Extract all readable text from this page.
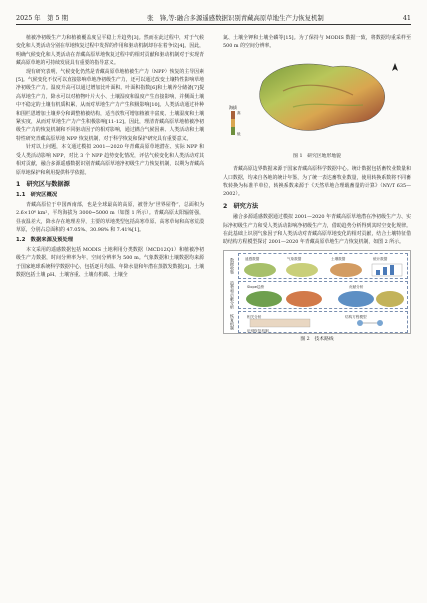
2025 年　第 5 期	张　锋,等:融合多源遥感数据识别青藏高原草地生产力恢复机制	41

植被净初级生产力和植被覆盖度呈平稳上升趋势[3]。然而在此过程中，对于气候变化和人类活动分别在草地恢复过程中发挥的作用和驱动机制却存在着争议[4]。因此，明确气候变化和人类活动在青藏高原草地恢复过程中的相对贡献和驱动机制对于实现青藏高原草地的可持续发展具有重要的指导意义。

现有研究表明，气候变化仍然是青藏高原草地植被生产力（NPP）恢复的主导因素[5]。气候变化不仅可以直接影响草地净初级生产力，还可以通过改变土壤特性影响草地净初级生产力。温度升高可以通过增加比叶面积、叶面积指数[6]和土壤养分储备[7]提高草地生产力，降水可以对植物叶片大小、土壤湿度和温度产生直接影响，并侧面土壤中不稳定的土壤有机质积累，从而对草地生产力产生积极影响[10]。人类活动通过补种和围栏恩增加土壤养分和调整植被结构，适当放牧可增加植被丰富度、土壤湿度和土壤紧实度，从而对草地生产力产生积极影响[11-12]。因此，理清青藏高原草地植被净初级生产力的恢复机制和不同驱动因子的相对影响，通过耦合气候因素、人类活动和土壤特性研究青藏高原草地 NPP 恢复机制，对于科学恢复和保护研究具有重要意义。

针对以上问题，本文通过模拟 2001—2020 年青藏高原草地潜在、实际 NPP 和受人类活动影响 NPP，对比 3 个 NPP 趋势变化情况，评估气候变化和人类活动对其相对贡献，融合多源遥感数据识别青藏高原草地净初级生产力恢复机制，以期为青藏高原草地保护和利用提供科学依据。

1　研究区与数据源
1.1　研究区概况

青藏高原位于中国西南部，也是全球最高的高原，被誉为“世界屋脊”，总面积为 2.6×10⁶ km²，平均海拔为 3000~5000 m（如图 1 所示）。青藏高原太阳辐射强，昼夜温差大，降水存在地理差异，主要的草地类型包括高寒草原、高寒草甸和高寒荒漠草原，分别占总面积的 47.05%、30.98% 和 7.41%[1]。

1.2　数据来源及预处理

本文采用的遥感数据包括 MODIS 土地利用分类数据（MCD12Q1）和植被净初级生产力数据，时间分辨率为年，空间分辨率为 500 m。气象数据和土壤数据均来源于国家地球系统科学数据中心，包括逐月均温、年降水量和年潜在蒸散发数据[3]。土壤数据包括土壤 pH、土壤容重、土壤有机碳、土壤全

氮、土壤全钾和土壤全磷等[15]。为了保持与 MODIS 数据一致，将数据均重采样至 500 m 的空间分辨率。

海拔
高
低
图 1　研究区地形地貌

青藏高原边界数据来源于国家青藏高原科学数据中心。统计数据包括畜牧业数量和人口数据，均来自各地的统计年鉴，为了统一表达畜牧业数量，使用转换系数将不同畜牧转换为标准羊单位，转换系数来源于《天然草地合理载畜量的计算》（NY/T 635—2002）。

2　研究方法

融合多源遥感数据通过模拟 2001—2020 年青藏高原草地潜在净初级生产力、实际净初级生产力和受人类活动影响净初级生产力，借助趋势分析得到其时空变化规律。在此基础上识别气象因子和人类活动对青藏高原草地变化的相对贡献，结合土壤特征借助结构方程模型探讨 2001—2020 年青藏高原草地生产力恢复机制，如图 2 所示。

数据收集
趋势和贡献分析
恢复机制
遥感数据	气象数据	土壤数据	统计数据
Slope趋势	贡献分析
相关分析	结构方程模型
识别恢复机制
图 2　技术路线
